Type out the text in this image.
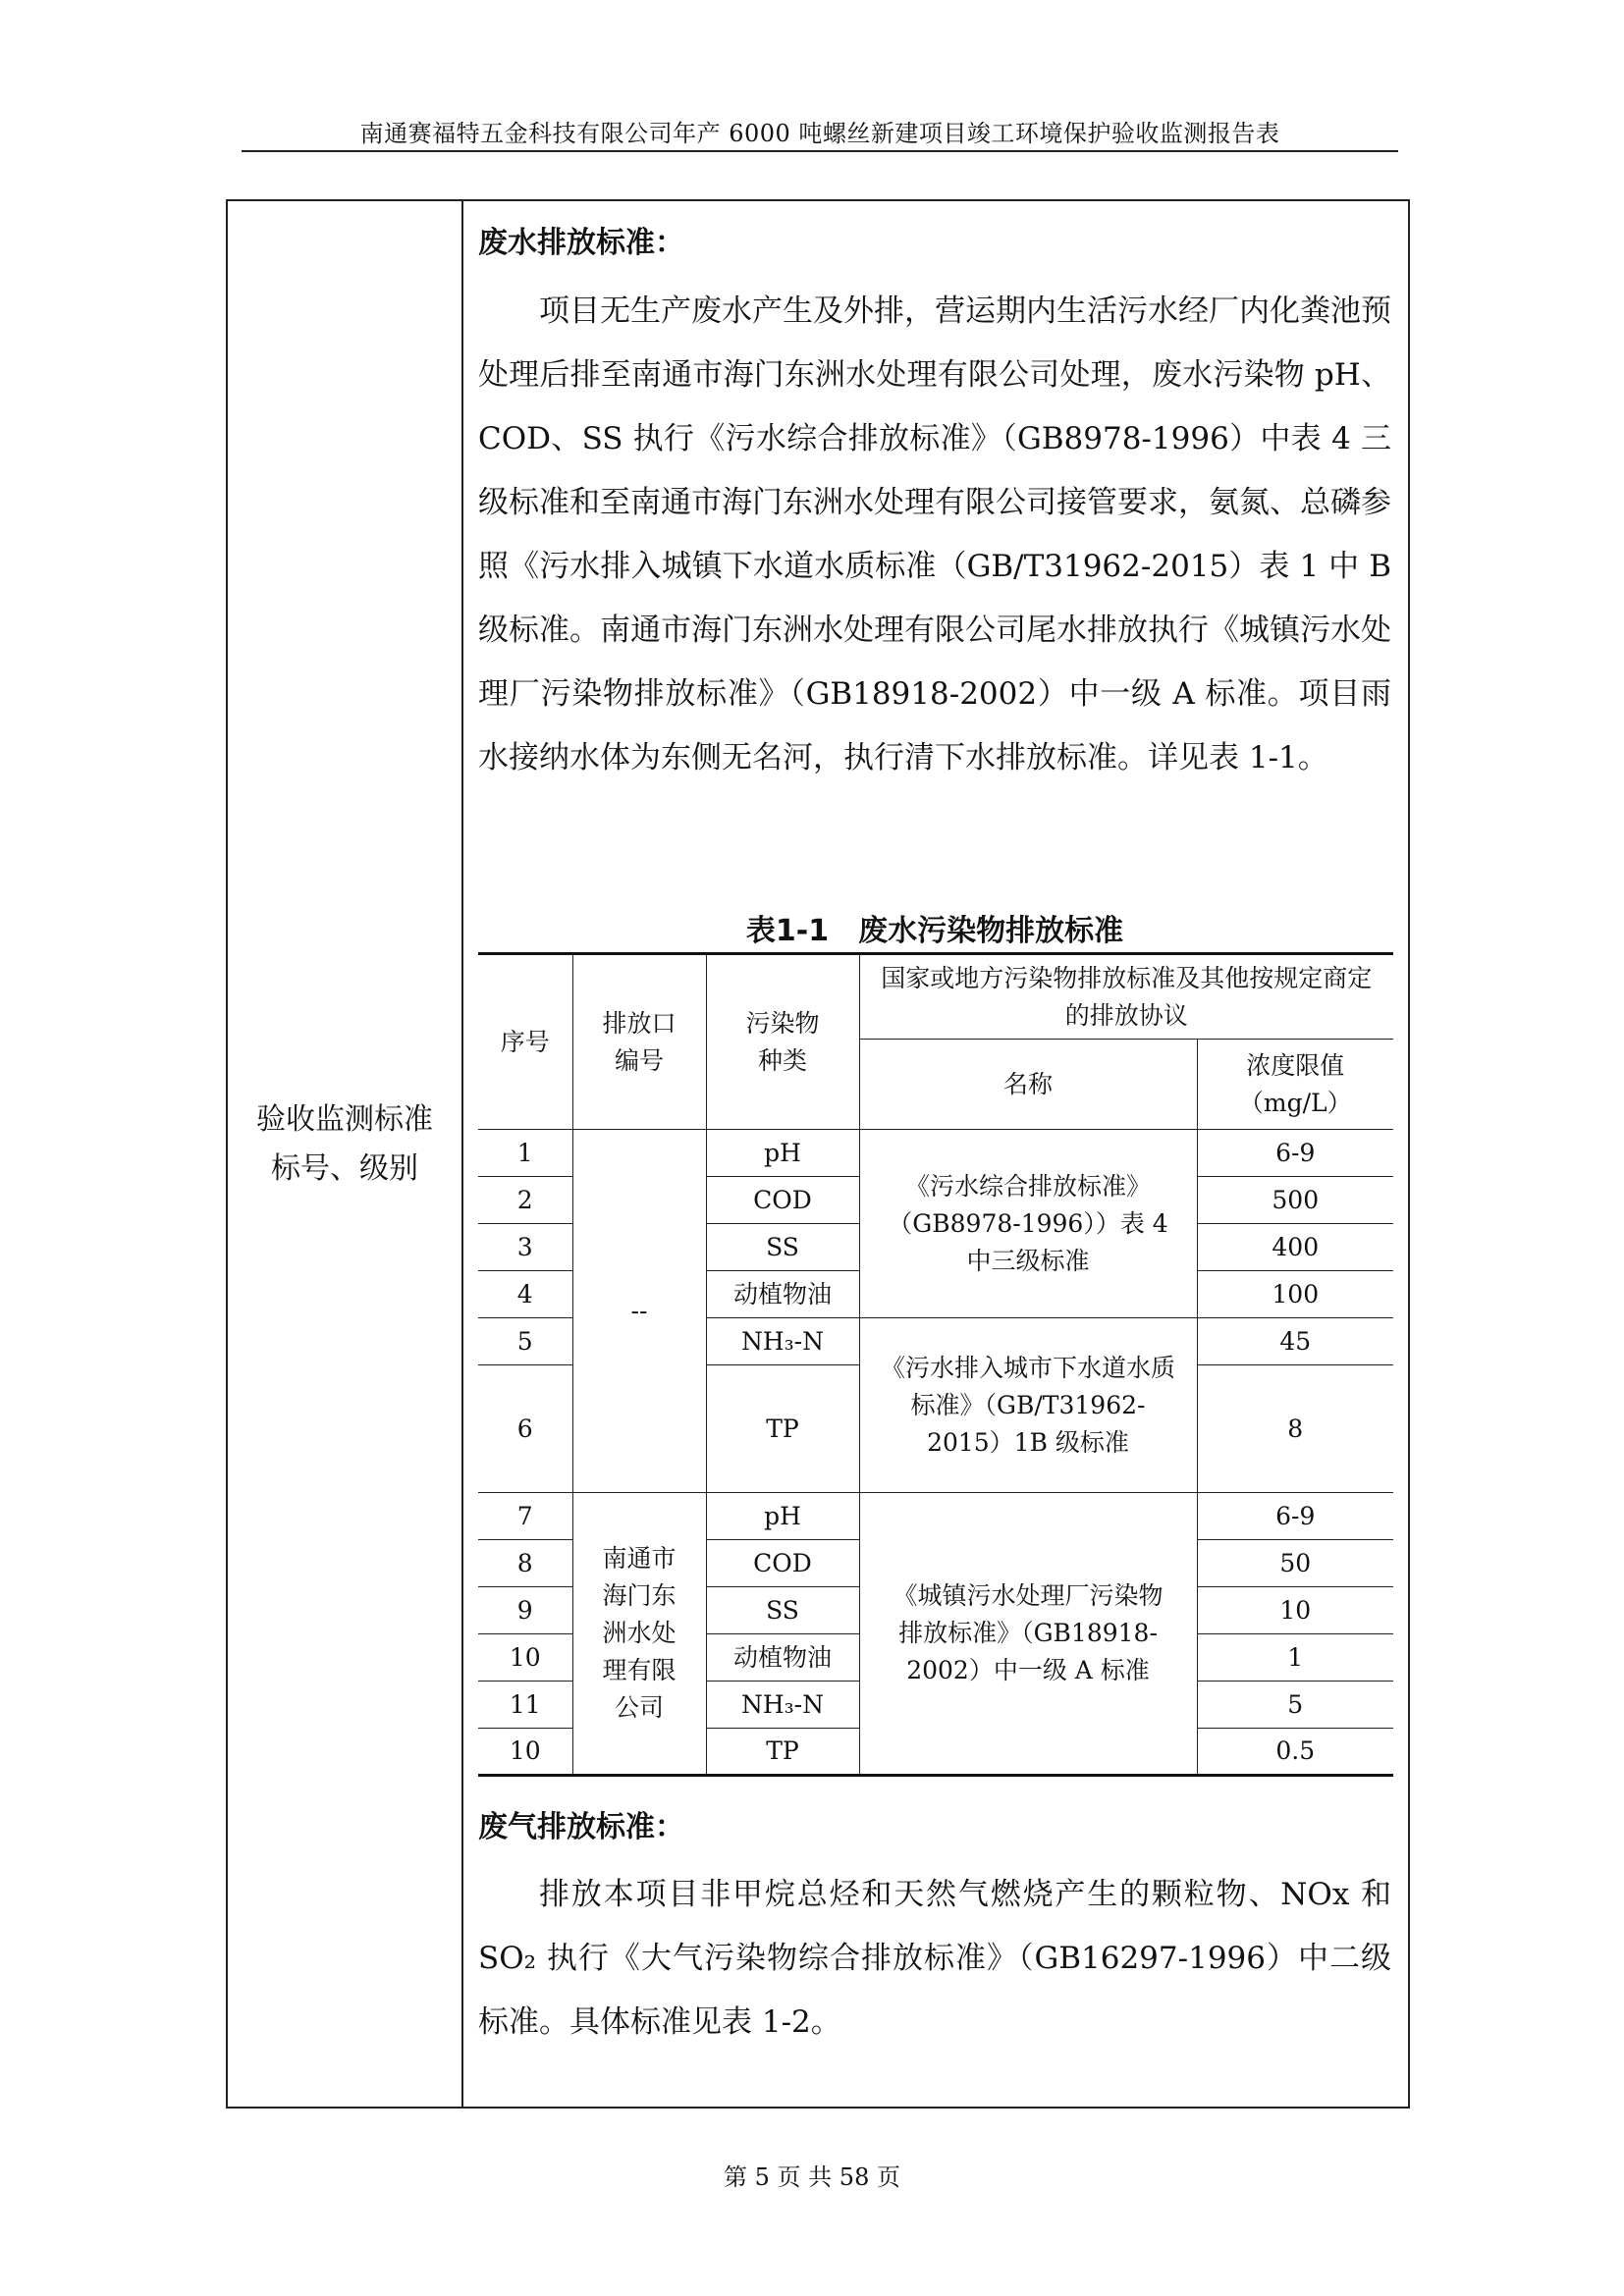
南通赛福特五金科技有限公司年产 6000 吨螺丝新建项目竣工环境保护验收监测报告表
验收监测标准
标号、级别
废水排放标准：
项目无生产废水产生及外排，营运期内生活污水经厂内化粪池预处理后排至南通市海门东洲水处理有限公司处理，废水污染物 pH、COD、SS 执行《污水综合排放标准》（GB8978-1996）中表 4 三级标准和至南通市海门东洲水处理有限公司接管要求，氨氮、总磷参照《污水排入城镇下水道水质标准（GB/T31962-2015）表 1 中 B 级标准。南通市海门东洲水处理有限公司尾水排放执行《城镇污水处理厂污染物排放标准》（GB18918-2002）中一级 A 标准。项目雨水接纳水体为东侧无名河，执行清下水排放标准。详见表 1-1。
表1-1　废水污染物排放标准
序号	排放口编号	污染物种类	国家或地方污染物排放标准及其他按规定商定的排放协议	
			名称	浓度限值（mg/L）
1	--	pH	《污水综合排放标准》（GB8978-1996））表 4 中三级标准	6-9
2		COD		500
3		SS		400
4		动植物油		100
5		NH₃-N	《污水排入城市下水道水质标准》（GB/T31962-2015）1B 级标准	45
6		TP		8
7	南通市海门东洲水处理有限公司	pH	《城镇污水处理厂污染物排放标准》（GB18918-2002）中一级 A 标准	6-9
8		COD		50
9		SS		10
10		动植物油		1
11		NH₃-N		5
10		TP		0.5
废气排放标准：
排放本项目非甲烷总烃和天然气燃烧产生的颗粒物、NOx 和 SO₂ 执行《大气污染物综合排放标准》（GB16297-1996）中二级标准。具体标准见表 1-2。
第 5 页 共 58 页
